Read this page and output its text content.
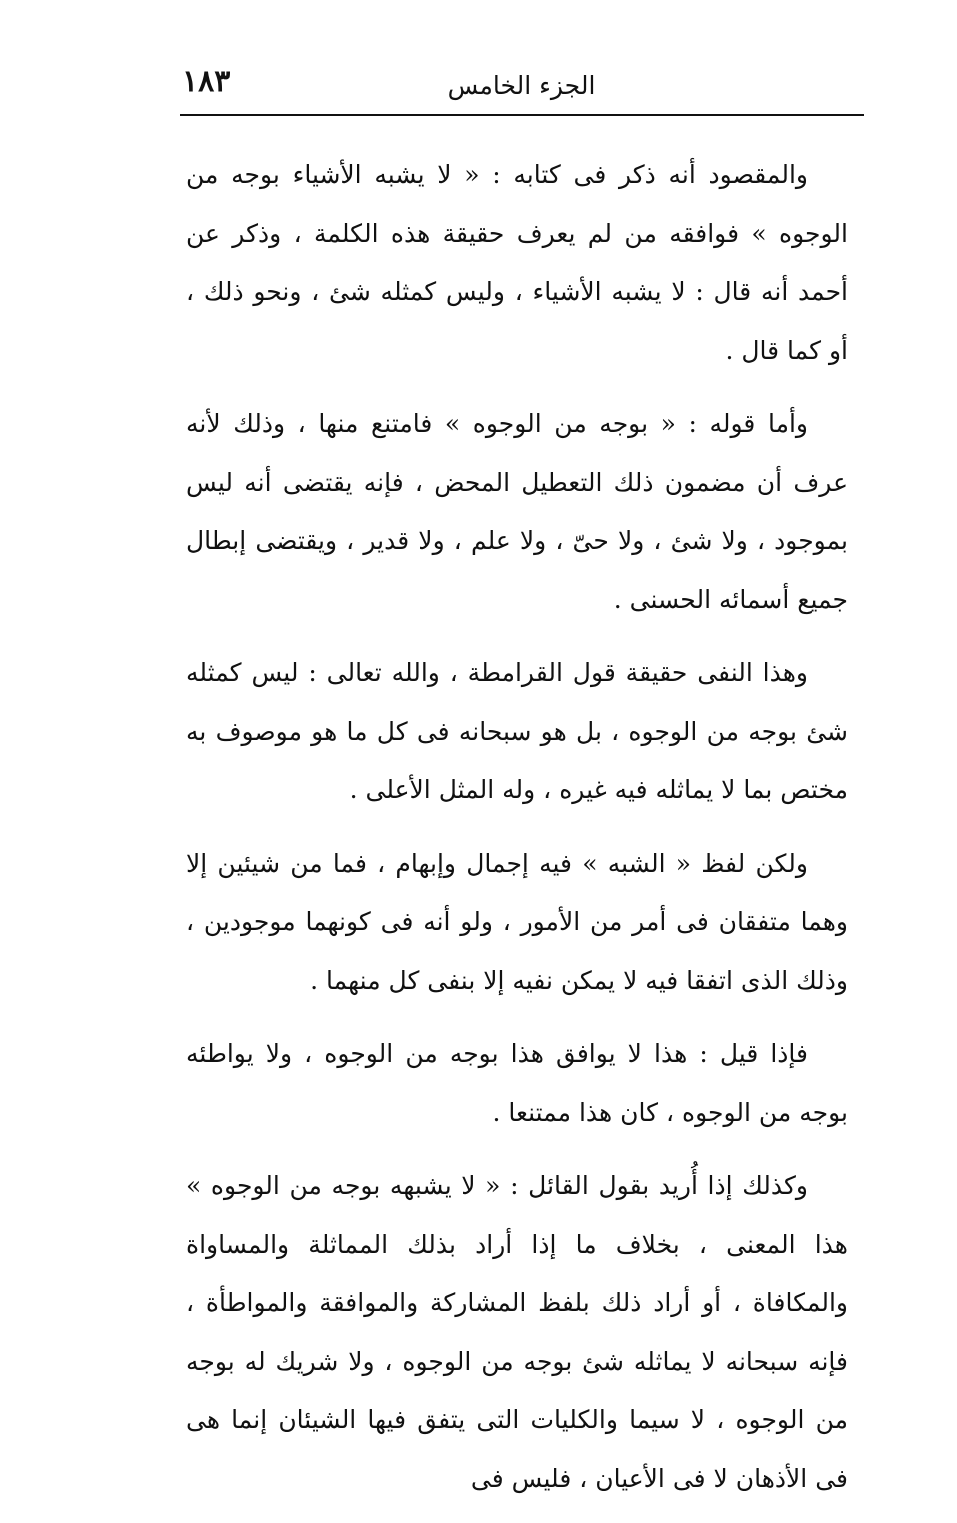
الجزء الخامس
١٨٣

والمقصود أنه ذكر فى كتابه : « لا يشبه الأشياء بوجه من الوجوه » فوافقه من لم يعرف حقيقة هذه الكلمة ، وذكر عن أحمد أنه قال : لا يشبه الأشياء ، وليس كمثله شئ ، ونحو ذلك ، أو كما قال .

وأما قوله : « بوجه من الوجوه » فامتنع منها ، وذلك لأنه عرف أن مضمون ذلك التعطيل المحض ، فإنه يقتضى أنه ليس بموجود ، ولا شئ ، ولا حىّ ، ولا علم ، ولا قدير ، ويقتضى إبطال جميع أسمائه الحسنى .

وهذا النفى حقيقة قول القرامطة ، والله تعالى : ليس كمثله شئ بوجه من الوجوه ، بل هو سبحانه فى كل ما هو موصوف به مختص بما لا يماثله فيه غيره ، وله المثل الأعلى .

ولكن لفظ « الشبه » فيه إجمال وإبهام ، فما من شيئين إلا وهما متفقان فى أمر من الأمور ، ولو أنه فى كونهما موجودين ، وذلك الذى اتفقا فيه لا يمكن نفيه إلا بنفى كل منهما .

فإذا قيل : هذا لا يوافق هذا بوجه من الوجوه ، ولا يواطئه بوجه من الوجوه ، كان هذا ممتنعا .

وكذلك إذا أُريد بقول القائل : « لا يشبهه بوجه من الوجوه » هذا المعنى ، بخلاف ما إذا أراد بذلك المماثلة والمساواة والمكافاة ، أو أراد ذلك بلفظ المشاركة والموافقة والمواطأة ، فإنه سبحانه لا يماثله شئ بوجه من الوجوه ، ولا شريك له بوجه من الوجوه ، لا سيما والكليات التى يتفق فيها الشيئان إنما هى فى الأذهان لا فى الأعيان ، فليس فى
